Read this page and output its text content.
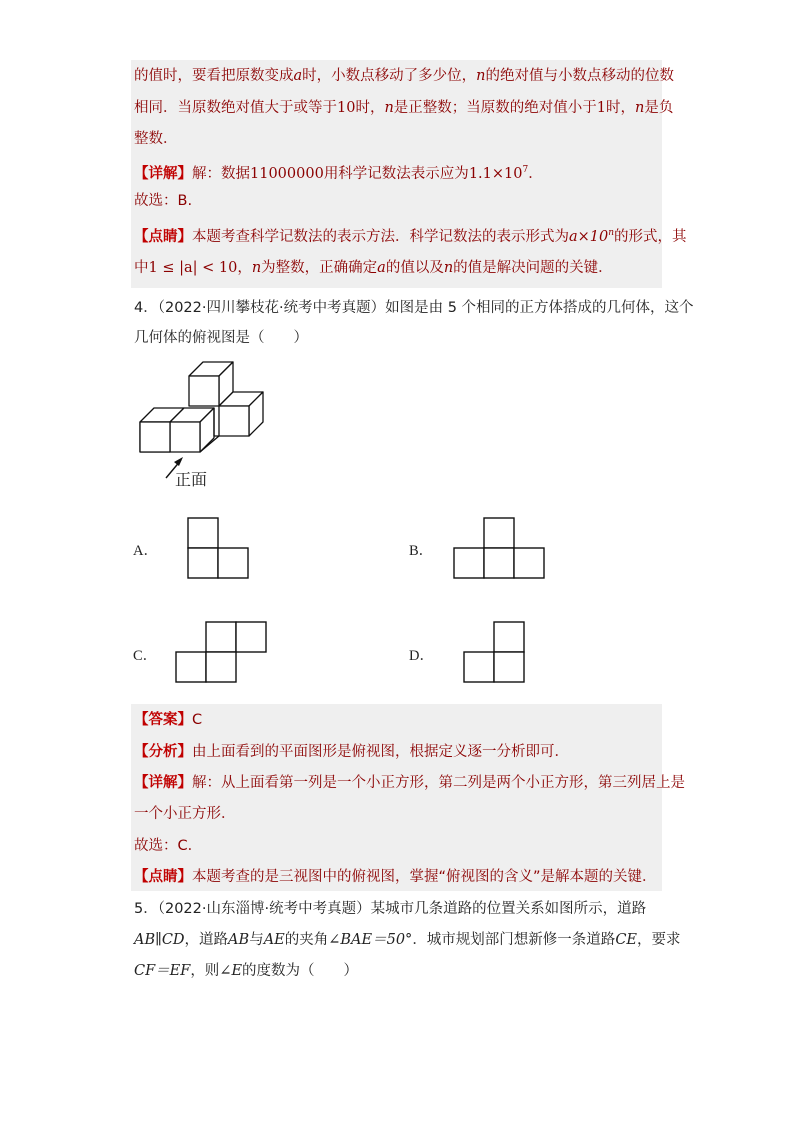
的值时，要看把原数变成a时，小数点移动了多少位，n的绝对值与小数点移动的位数
相同．当原数绝对值大于或等于10时，n是正整数；当原数的绝对值小于1时，n是负
整数．
【详解】解：数据11000000用科学记数法表示应为$1.1\times 10^7$．
故选：B.
【点睛】本题考查科学记数法的表示方法．科学记数法的表示形式为$a\times 10^n$的形式，其
中1 ≤ |a| < 10，n为整数，正确确定a的值以及n的值是解决问题的关键．
4．（2022·四川攀枝花·统考中考真题）如图是由 5 个相同的正方体搭成的几何体，这个
几何体的俯视图是（　　）
正面
A．	B．
C．	D．
【答案】C
【分析】由上面看到的平面图形是俯视图，根据定义逐一分析即可．
【详解】解：从上面看第一列是一个小正方形，第二列是两个小正方形，第三列居上是
一个小正方形．
故选：C．
【点睛】本题考查的是三视图中的俯视图，掌握“俯视图的含义”是解本题的关键．
5．（2022·山东淄博·统考中考真题）某城市几条道路的位置关系如图所示，道路
AB∥CD，道路AB与AE的夹角∠BAE＝50°．城市规划部门想新修一条道路CE，要求
CF＝EF，则∠E的度数为（　　）
